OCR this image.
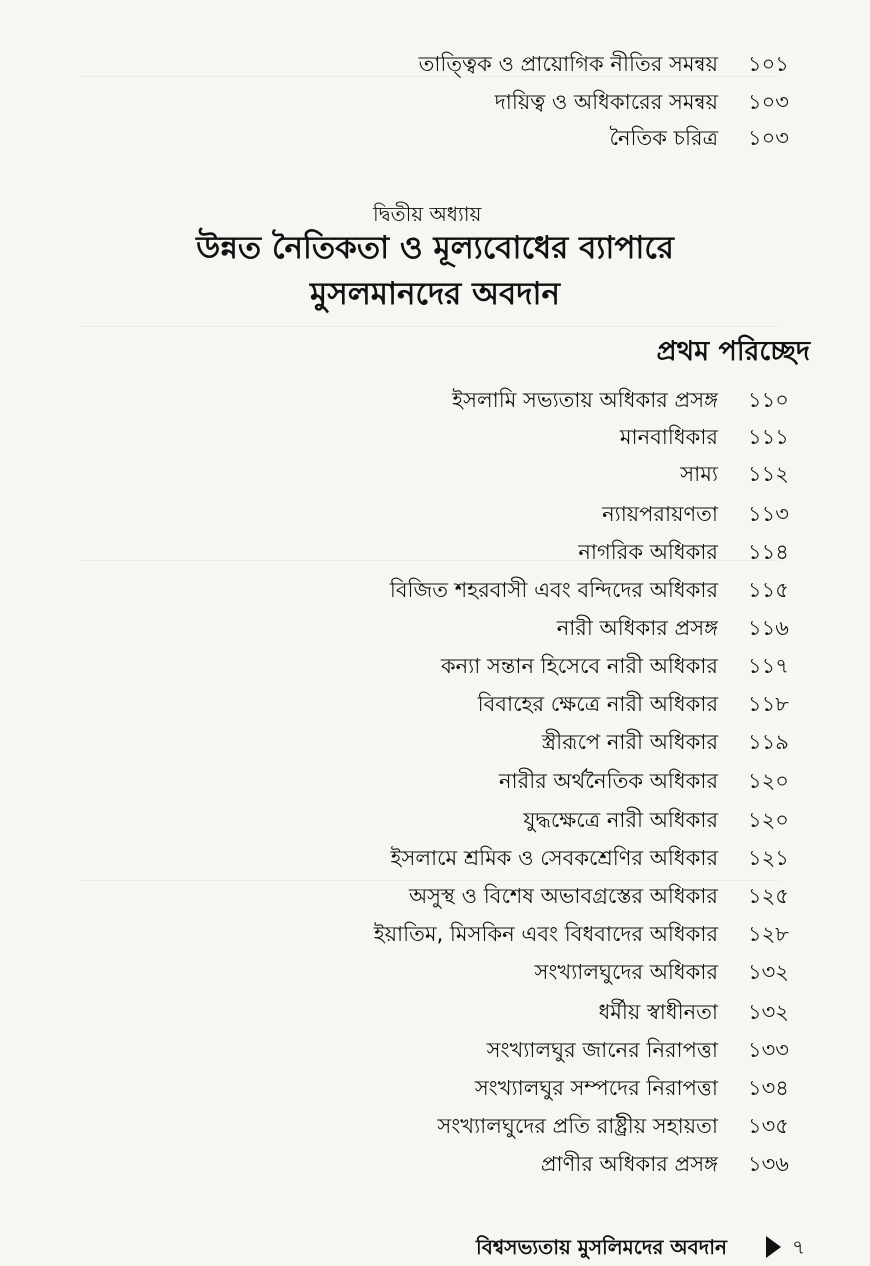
তাত্ত্বিক ও প্রায়োগিক নীতির সমন্বয় ১০১
দায়িত্ব ও অধিকারের সমন্বয় ১০৩
নৈতিক চরিত্র ১০৩
দ্বিতীয় অধ্যায়
উন্নত নৈতিকতা ও মূল্যবোধের ব্যাপারে
মুসলমানদের অবদান
প্রথম পরিচ্ছেদ
ইসলামি সভ্যতায় অধিকার প্রসঙ্গ ১১০
মানবাধিকার ১১১
সাম্য ১১২
ন্যায়পরায়ণতা ১১৩
নাগরিক অধিকার ১১৪
বিজিত শহরবাসী এবং বন্দিদের অধিকার ১১৫
নারী অধিকার প্রসঙ্গ ১১৬
কন্যা সন্তান হিসেবে নারী অধিকার ১১৭
বিবাহের ক্ষেত্রে নারী অধিকার ১১৮
স্ত্রীরূপে নারী অধিকার ১১৯
নারীর অর্থনৈতিক অধিকার ১২০
যুদ্ধক্ষেত্রে নারী অধিকার ১২০
ইসলামে শ্রমিক ও সেবকশ্রেণির অধিকার ১২১
অসুস্থ ও বিশেষ অভাবগ্রস্তের অধিকার ১২৫
ইয়াতিম, মিসকিন এবং বিধবাদের অধিকার ১২৮
সংখ্যালঘুদের অধিকার ১৩২
ধর্মীয় স্বাধীনতা ১৩২
সংখ্যালঘুর জানের নিরাপত্তা ১৩৩
সংখ্যালঘুর সম্পদের নিরাপত্তা ১৩৪
সংখ্যালঘুদের প্রতি রাষ্ট্রীয় সহায়তা ১৩৫
প্রাণীর অধিকার প্রসঙ্গ ১৩৬
বিশ্বসভ্যতায় মুসলিমদের অবদান	৭
